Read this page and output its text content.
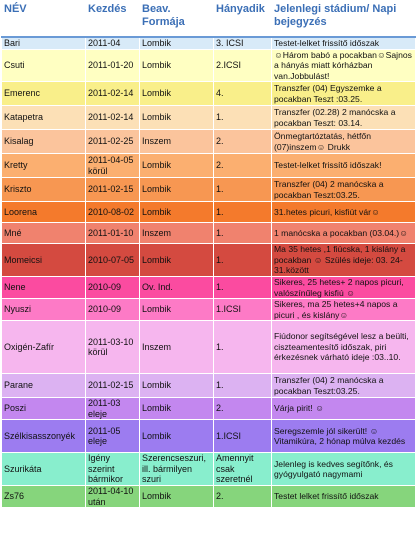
NÉV	Kezdés	Beav. Formája	Hányadik	Jelenlegi stádium/ Napi bejegyzés
Bari	2011-04	Lombik	3. ICSI	Testet-lelket frissítő időszak
Csuti	2011-01-20	Lombik	2.ICSI	☺Három babó a pocakban☺Sajnos a hányás miatt kórházban van.Jobbulást!
Emerenc	2011-02-14	Lombik	4.	Transzfer (04) Egyszemke a pocakban Teszt :03.25.
Katapetra	2011-02-14	Lombik	1.	Transzfer (02.28) 2 manócska a pocakban Teszt: 03.14.
Kisalag	2011-02-25	Inszem	2.	Önmegtartóztatás, hétfőn (07)inszem☺ Drukk
Kretty	2011-04-05 körül	Lombik	2.	Testet-lelket frissítő időszak!
Kriszto	2011-02-15	Lombik	1.	Transzfer (04) 2 manócska a pocakban Teszt:03.25.
Loorena	2010-08-02	Lombik	1.	31.hetes picuri, kisfiút vár☺
Mné	2011-01-10	Inszem	1.	1 manócska a pocakban (03.04.)☺
Momeicsi	2010-07-05	Lombik	1.	Ma 35 hetes ,1 fiúcska, 1 kislány a pocakban ☺ Szülés ideje: 03. 24-31.között
Nene	2010-09	Ov. Ind.	1.	Sikeres, 25 hetes+ 2 napos picuri, valószínűleg kisfiú ☺
Nyuszi	2010-09	Lombik	1.ICSI	Sikeres, ma 25 hetes+4 napos a picuri , és kislány☺
Oxigén-Zafír	2011-03-10 körül	Inszem	1.	Fiúdonor segítségével lesz a beülti, ciszteamentesítő időszak, piri érkezésnek várható ideje :03..10.
Parane	2011-02-15	Lombik	1.	Transzfer (04) 2 manócska a pocakban Teszt:03.25.
Poszi	2011-03 eleje	Lombik	2.	Várja pirit! ☺
Szélkisasszonyék	2011-05 eleje	Lombik	1.ICSI	Seregszemle jól sikerült! ☺ Vitamikúra, 2 hónap múlva kezdés
Szurikáta	Igény szerint bármikor	Szerencseszuri, ill. bármilyen szuri	Amennyit csak szeretnél	Jelenleg is kedves segítőnk, és gyógyulgató nagymami
Zs76	2011-04-10 után	Lombik	2.	Testet lelket frissítő időszak
